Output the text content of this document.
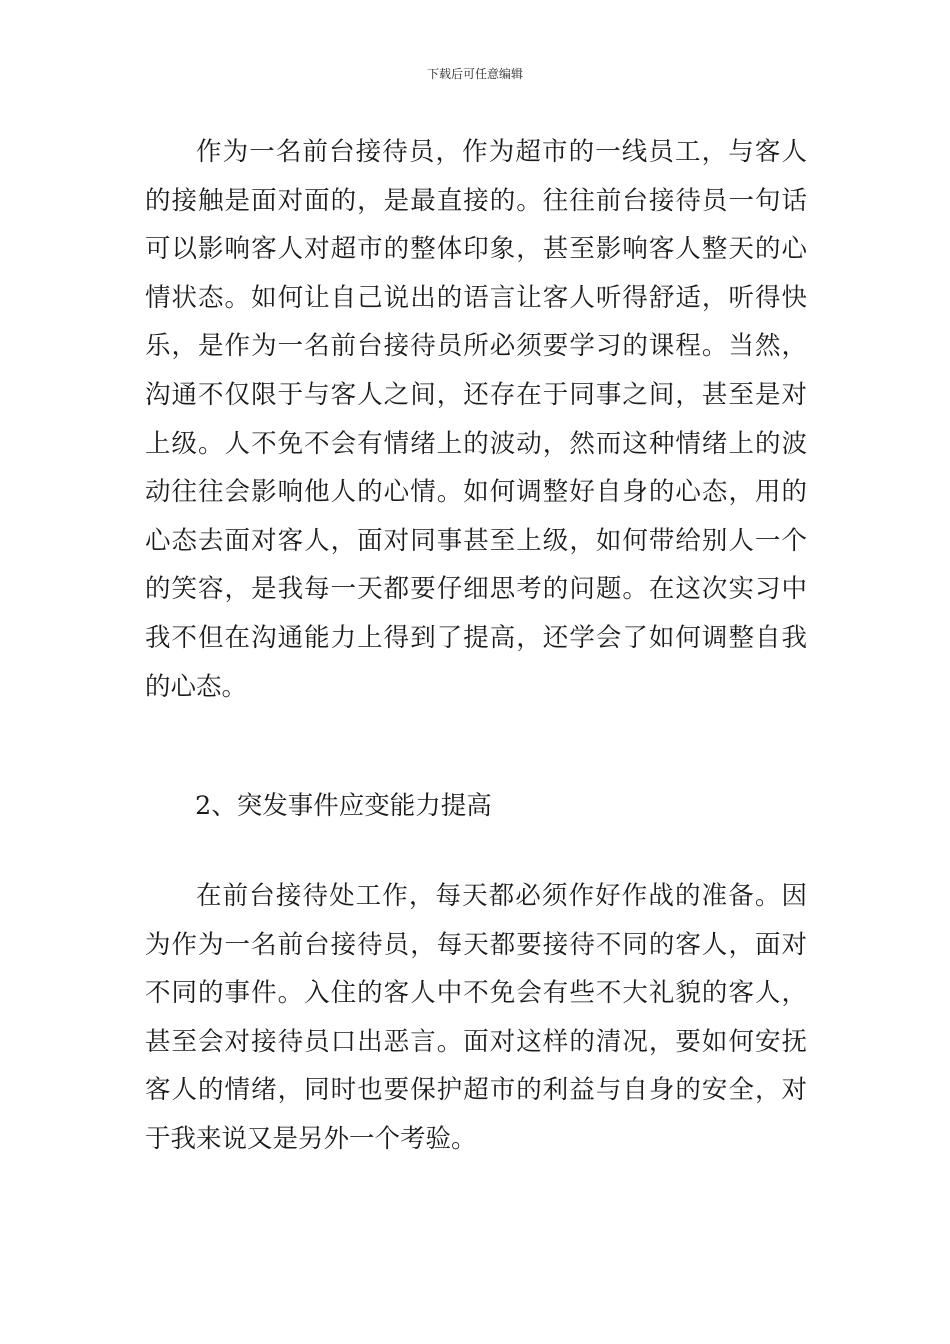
下载后可任意编辑

作为一名前台接待员，作为超市的一线员工，与客人的接触是面对面的，是最直接的。往往前台接待员一句话可以影响客人对超市的整体印象，甚至影响客人整天的心情状态。如何让自己说出的语言让客人听得舒适，听得快乐，是作为一名前台接待员所必须要学习的课程。当然，沟通不仅限于与客人之间，还存在于同事之间，甚至是对上级。人不免不会有情绪上的波动，然而这种情绪上的波动往往会影响他人的心情。如何调整好自身的心态，用的心态去面对客人，面对同事甚至上级，如何带给别人一个的笑容，是我每一天都要仔细思考的问题。在这次实习中我不但在沟通能力上得到了提高，还学会了如何调整自我的心态。

2、突发事件应变能力提高

在前台接待处工作，每天都必须作好作战的准备。因为作为一名前台接待员，每天都要接待不同的客人，面对不同的事件。入住的客人中不免会有些不大礼貌的客人，甚至会对接待员口出恶言。面对这样的清况，要如何安抚客人的情绪，同时也要保护超市的利益与自身的安全，对于我来说又是另外一个考验。
